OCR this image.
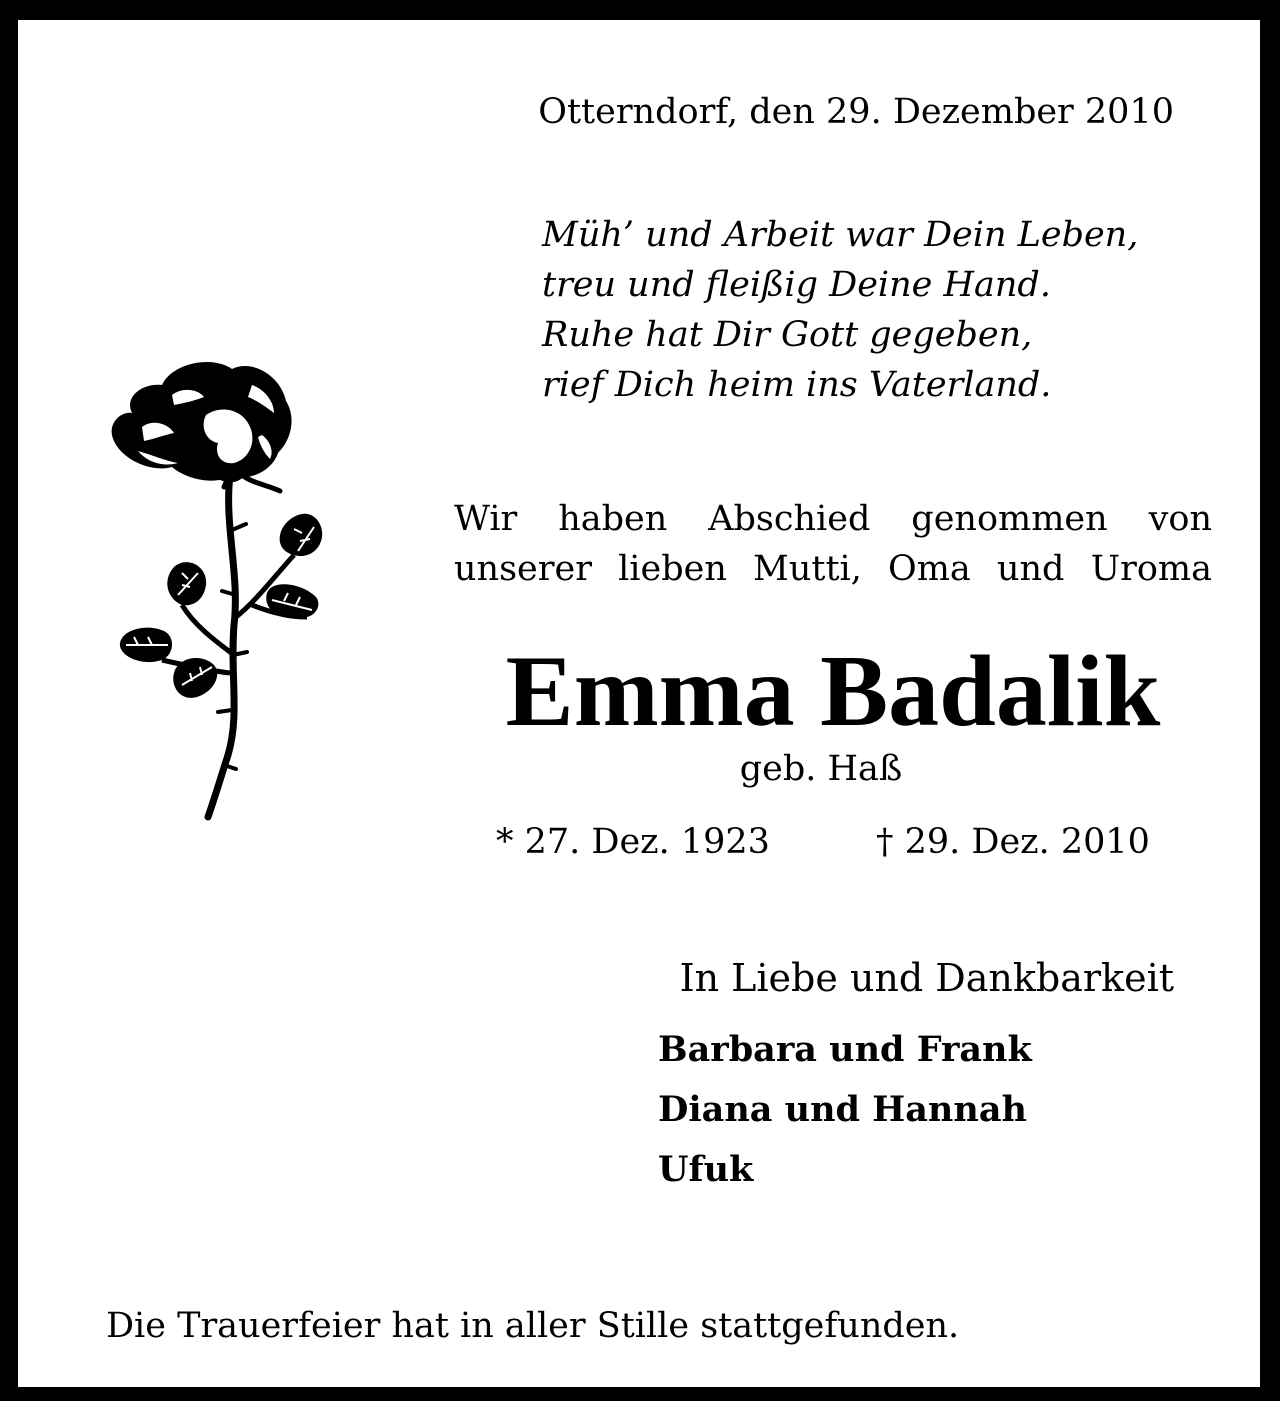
Otterndorf, den 29. Dezember 2010

Müh’ und Arbeit war Dein Leben,
treu und fleißig Deine Hand.
Ruhe hat Dir Gott gegeben,
rief Dich heim ins Vaterland.
Wir haben Abschied genommen von
unserer lieben Mutti, Oma und Uroma
Emma Badalik

geb. Haß

* 27. Dez. 1923	† 29. Dez. 2010

In Liebe und Dankbarkeit

Barbara und Frank
Diana und Hannah
Ufuk

Die Trauerfeier hat in aller Stille stattgefunden.
